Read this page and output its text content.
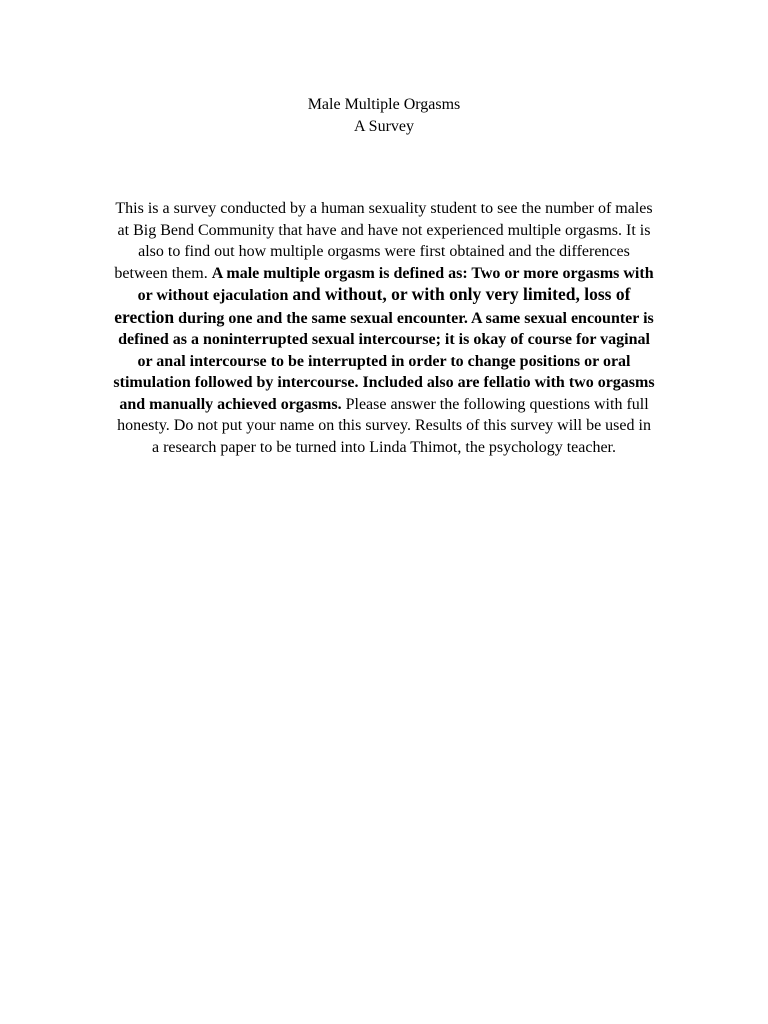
Male Multiple Orgasms
A Survey
This is a survey conducted by a human sexuality student to see the number of males at Big Bend Community that have and have not experienced multiple orgasms. It is also to find out how multiple orgasms were first obtained and the differences between them. A male multiple orgasm is defined as: Two or more orgasms with or without ejaculation and without, or with only very limited, loss of erection during one and the same sexual encounter. A same sexual encounter is defined as a noninterrupted sexual intercourse; it is okay of course for vaginal or anal intercourse to be interrupted in order to change positions or oral stimulation followed by intercourse. Included also are fellatio with two orgasms and manually achieved orgasms. Please answer the following questions with full honesty. Do not put your name on this survey. Results of this survey will be used in a research paper to be turned into Linda Thimot, the psychology teacher.
